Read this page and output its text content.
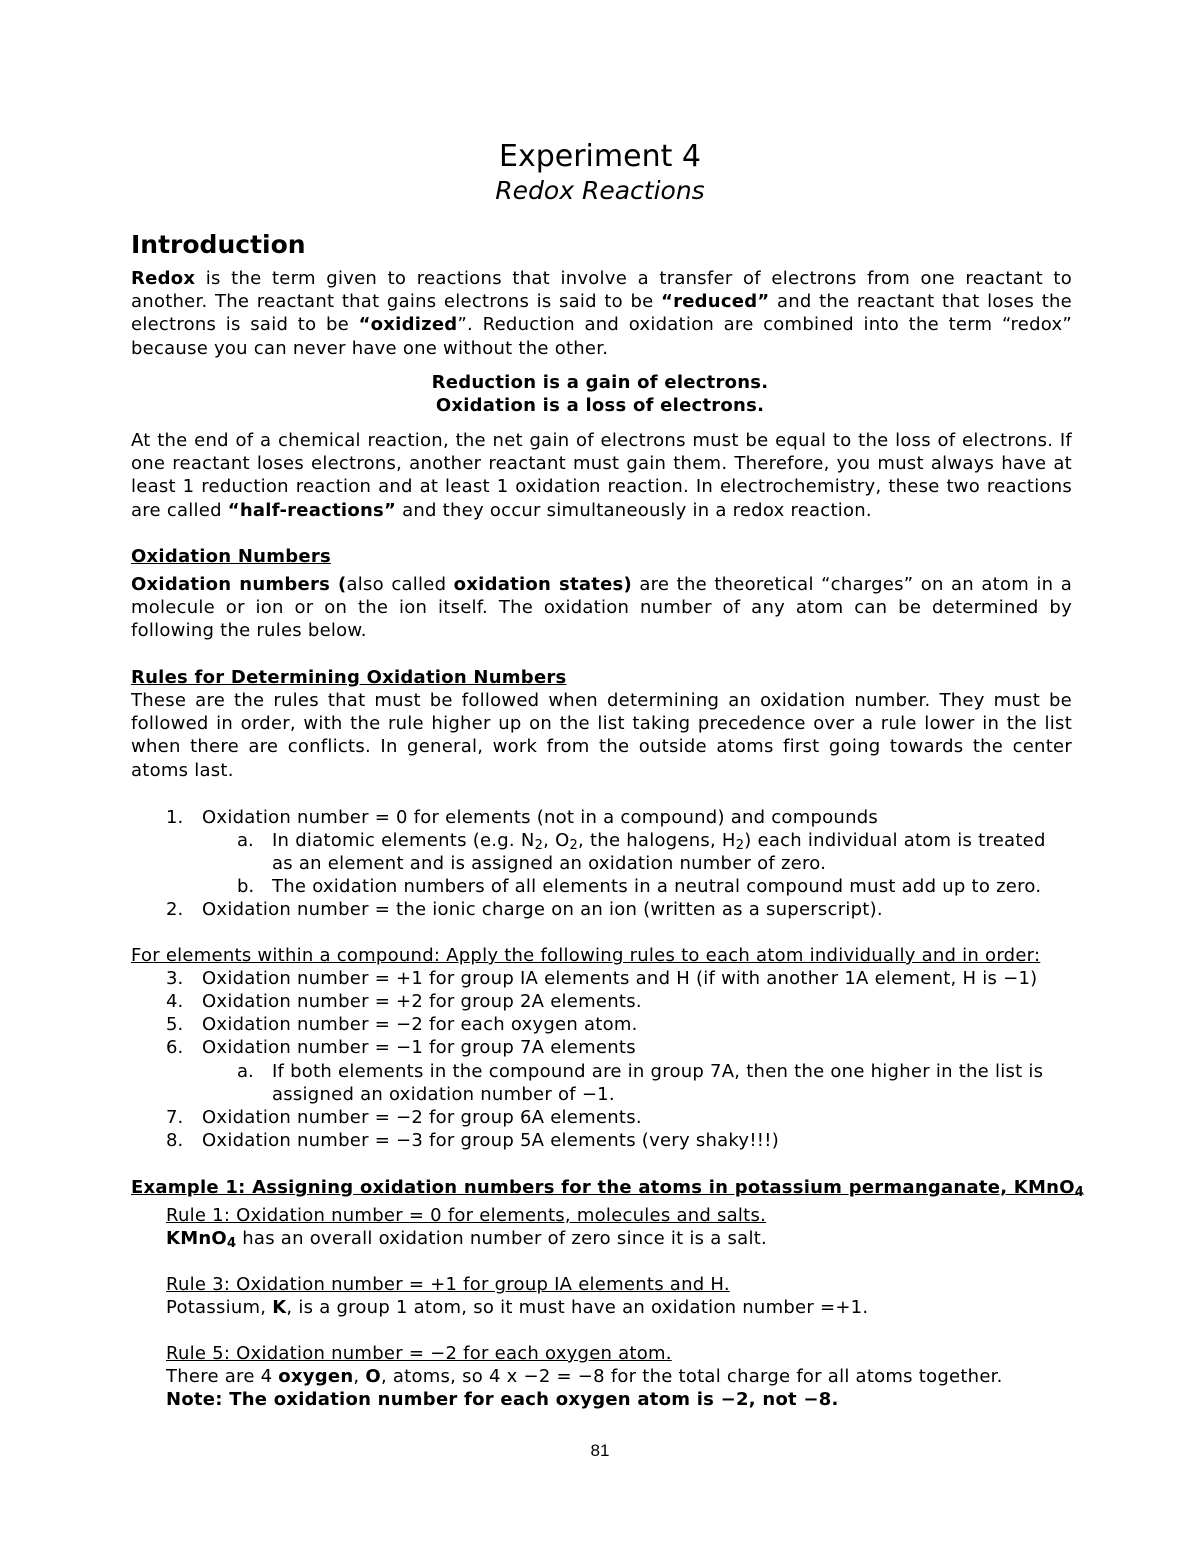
Experiment 4
Redox Reactions
Introduction
Redox is the term given to reactions that involve a transfer of electrons from one reactant to another. The reactant that gains electrons is said to be “reduced” and the reactant that loses the electrons is said to be “oxidized”. Reduction and oxidation are combined into the term “redox” because you can never have one without the other.
Reduction is a gain of electrons.
Oxidation is a loss of electrons.
At the end of a chemical reaction, the net gain of electrons must be equal to the loss of electrons. If one reactant loses electrons, another reactant must gain them. Therefore, you must always have at least 1 reduction reaction and at least 1 oxidation reaction. In electrochemistry, these two reactions are called “half-reactions” and they occur simultaneously in a redox reaction.
Oxidation Numbers
Oxidation numbers (also called oxidation states) are the theoretical “charges” on an atom in a molecule or ion or on the ion itself. The oxidation number of any atom can be determined by following the rules below.
Rules for Determining Oxidation Numbers
These are the rules that must be followed when determining an oxidation number. They must be followed in order, with the rule higher up on the list taking precedence over a rule lower in the list when there are conflicts. In general, work from the outside atoms first going towards the center atoms last.
1. Oxidation number = 0 for elements (not in a compound) and compounds
a. In diatomic elements (e.g. $N_2$, $O_2$, the halogens, $H_2$) each individual atom is treated
as an element and is assigned an oxidation number of zero.
b. The oxidation numbers of all elements in a neutral compound must add up to zero.
2. Oxidation number = the ionic charge on an ion (written as a superscript).
For elements within a compound: Apply the following rules to each atom individually and in order:
3. Oxidation number = +1 for group IA elements and H (if with another 1A element, H is −1)
4. Oxidation number = +2 for group 2A elements.
5. Oxidation number = −2 for each oxygen atom.
6. Oxidation number = −1 for group 7A elements
a. If both elements in the compound are in group 7A, then the one higher in the list is
assigned an oxidation number of −1.
7. Oxidation number = −2 for group 6A elements.
8. Oxidation number = −3 for group 5A elements (very shaky!!!)
Example 1: Assigning oxidation numbers for the atoms in potassium permanganate, KMnO$_4$
Rule 1: Oxidation number = 0 for elements, molecules and salts.
KMnO$_4$ has an overall oxidation number of zero since it is a salt.
Rule 3: Oxidation number = +1 for group IA elements and H.
Potassium, K, is a group 1 atom, so it must have an oxidation number =+1.
Rule 5: Oxidation number = −2 for each oxygen atom.
There are 4 oxygen, O, atoms, so 4 x −2 = −8 for the total charge for all atoms together.
Note: The oxidation number for each oxygen atom is −2, not −8.
81
